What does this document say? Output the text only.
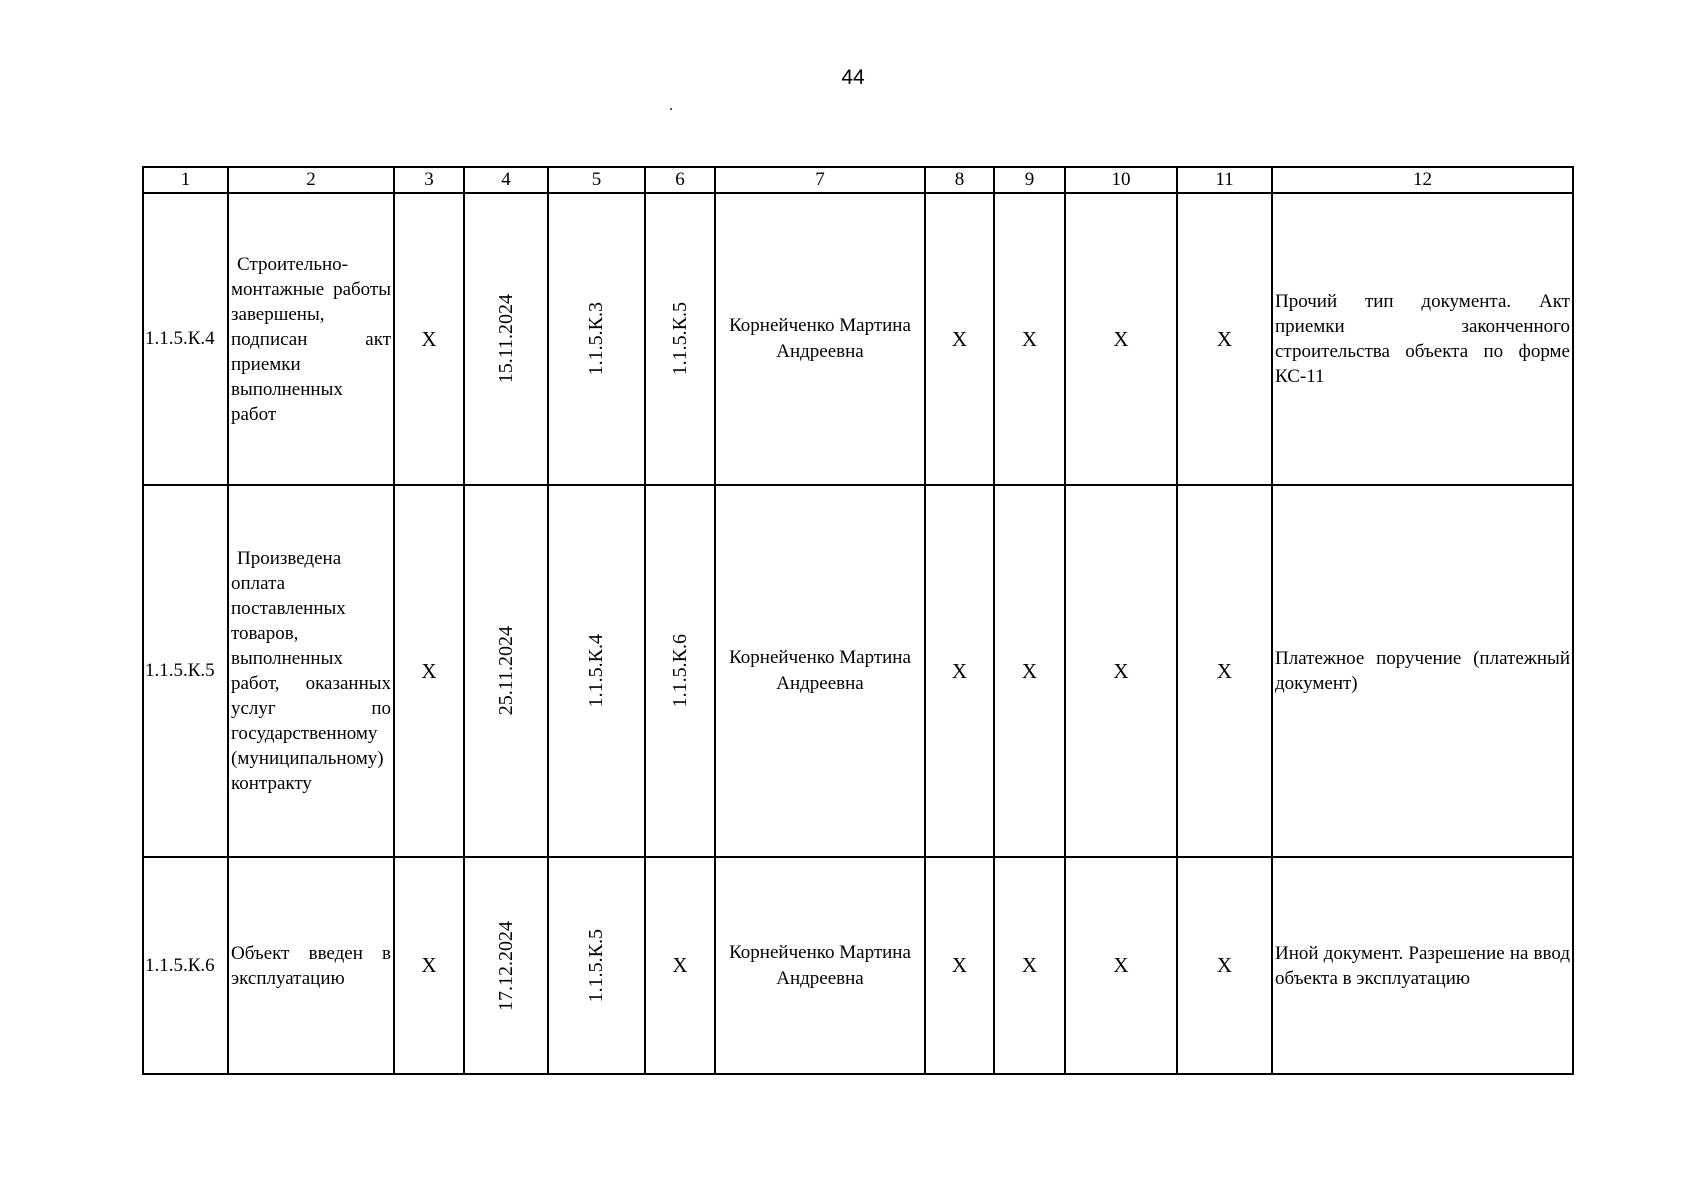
44
1	2	3	4	5	6	7	8	9	10	11	12
1.1.5.К.4	Строительно-монтажные работы завершены, подписан акт приемки выполненных работ	Х	15.11.2024	1.1.5.К.3	1.1.5.К.5	Корнейченко Мартина Андреевна	Х	Х	Х	Х	Прочий тип документа. Акт приемки законченного строительства объекта по форме КС-11
1.1.5.К.5	Произведена оплата поставленных товаров, выполненных работ, оказанных услуг по государственному (муниципальному) контракту	Х	25.11.2024	1.1.5.К.4	1.1.5.К.6	Корнейченко Мартина Андреевна	Х	Х	Х	Х	Платежное поручение (платежный документ)
1.1.5.К.6	Объект введен в эксплуатацию	Х	17.12.2024	1.1.5.К.5	Х	Корнейченко Мартина Андреевна	Х	Х	Х	Х	Иной документ. Разрешение на ввод объекта в эксплуатацию
